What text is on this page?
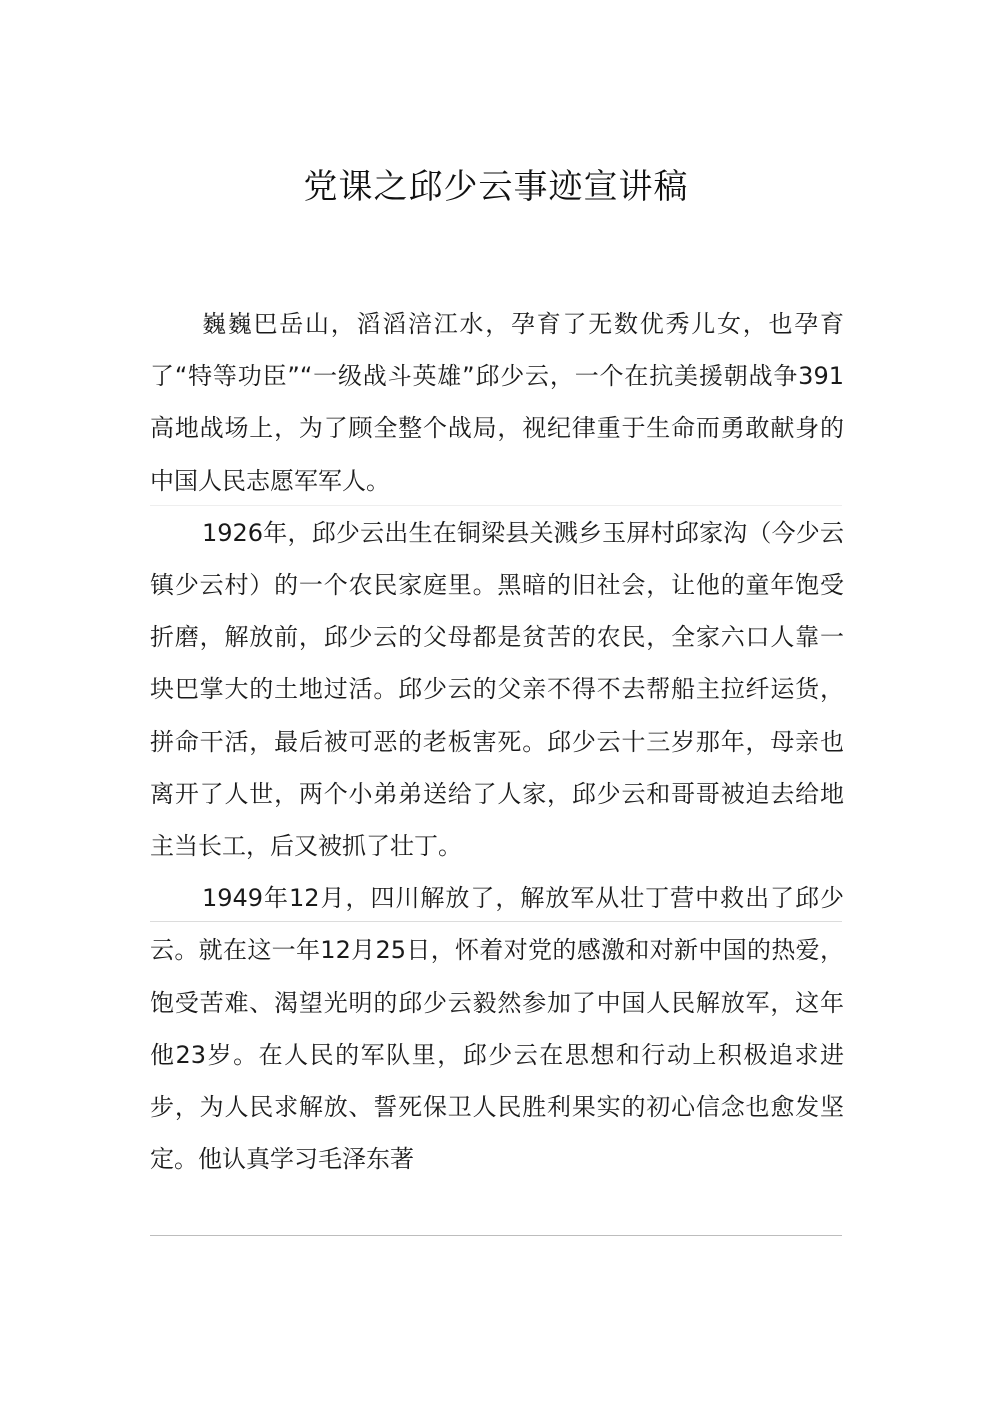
党课之邱少云事迹宣讲稿

巍巍巴岳山，滔滔涪江水，孕育了无数优秀儿女，也孕育了“特等功臣”“一级战斗英雄”邱少云，一个在抗美援朝战争391高地战场上，为了顾全整个战局，视纪律重于生命而勇敢献身的中国人民志愿军军人。

1926年，邱少云出生在铜梁县关溅乡玉屏村邱家沟（今少云镇少云村）的一个农民家庭里。黑暗的旧社会，让他的童年饱受折磨，解放前，邱少云的父母都是贫苦的农民，全家六口人靠一块巴掌大的土地过活。邱少云的父亲不得不去帮船主拉纤运货，拼命干活，最后被可恶的老板害死。邱少云十三岁那年，母亲也离开了人世，两个小弟弟送给了人家，邱少云和哥哥被迫去给地主当长工，后又被抓了壮丁。

1949年12月，四川解放了，解放军从壮丁营中救出了邱少云。就在这一年12月25日，怀着对党的感激和对新中国的热爱，饱受苦难、渴望光明的邱少云毅然参加了中国人民解放军，这年他23岁。在人民的军队里，邱少云在思想和行动上积极追求进步，为人民求解放、誓死保卫人民胜利果实的初心信念也愈发坚定。他认真学习毛泽东著
